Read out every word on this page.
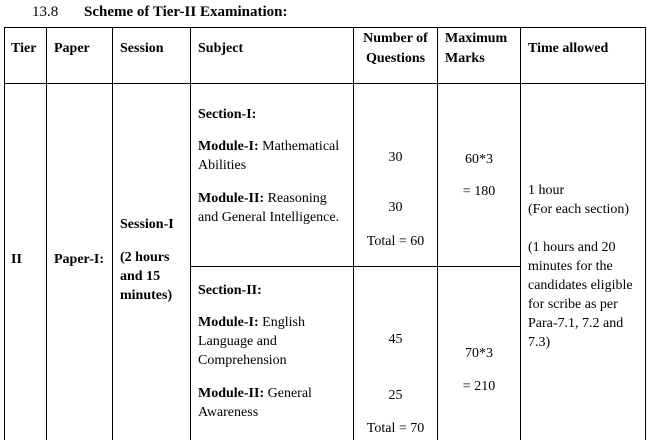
13.8 Scheme of Tier-II Examination:
Tier Paper Session Subject
Number of
Questions
Maximum
Marks
Time allowed
II Paper-I:
Session-I
(2 hours
and 15
minutes)
Section-I:
Module-I: Mathematical
Abilities
Module-II: Reasoning
and General Intelligence.
30
30
Total = 60
60*3
= 180
Section-II:
Module-I: English
Language and
Comprehension
Module-II: General
Awareness
45
25
Total = 70
70*3
= 210
1 hour
(For each section)
(1 hours and 20
minutes for the
candidates eligible
for scribe as per
Para-7.1, 7.2 and
7.3)
